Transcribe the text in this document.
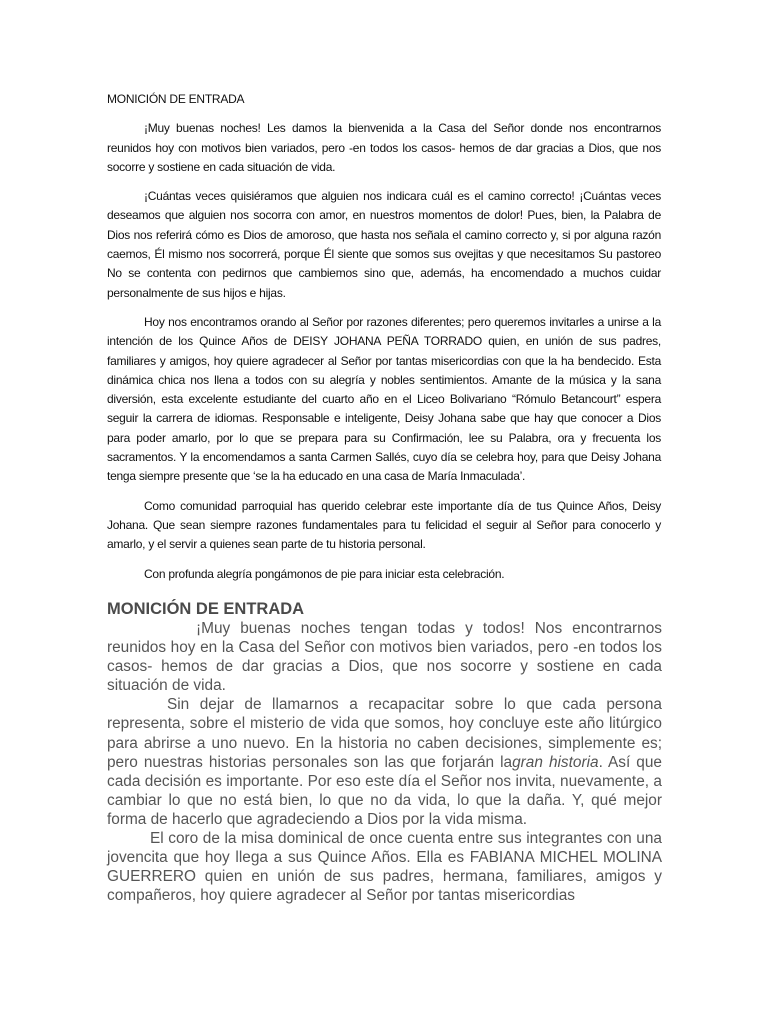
MONICIÓN DE ENTRADA

¡Muy buenas noches! Les damos la bienvenida a la Casa del Señor donde nos encontrarnos reunidos hoy con motivos bien variados, pero -en todos los casos- hemos de dar gracias a Dios, que nos socorre y sostiene en cada situación de vida.

¡Cuántas veces quisiéramos que alguien nos indicara cuál es el camino correcto! ¡Cuántas veces deseamos que alguien nos socorra con amor, en nuestros momentos de dolor! Pues, bien, la Palabra de Dios nos referirá cómo es Dios de amoroso, que hasta nos señala el camino correcto y, si por alguna razón caemos, Él mismo nos socorrerá, porque Él siente que somos sus ovejitas y que necesitamos Su pastoreo No se contenta con pedirnos que cambiemos sino que, además, ha encomendado a muchos cuidar personalmente de sus hijos e hijas.

Hoy nos encontramos orando al Señor por razones diferentes; pero queremos invitarles a unirse a la intención de los Quince Años de DEISY JOHANA PEÑA TORRADO quien, en unión de sus padres, familiares y amigos, hoy quiere agradecer al Señor por tantas misericordias con que la ha bendecido. Esta dinámica chica nos llena a todos con su alegría y nobles sentimientos. Amante de la música y la sana diversión, esta excelente estudiante del cuarto año en el Liceo Bolivariano “Rómulo Betancourt” espera seguir la carrera de idiomas. Responsable e inteligente, Deisy Johana sabe que hay que conocer a Dios para poder amarlo, por lo que se prepara para su Confirmación, lee su Palabra, ora y frecuenta los sacramentos. Y la encomendamos a santa Carmen Sallés, cuyo día se celebra hoy, para que Deisy Johana tenga siempre presente que ‘se la ha educado en una casa de María Inmaculada’.

Como comunidad parroquial has querido celebrar este importante día de tus Quince Años, Deisy Johana. Que sean siempre razones fundamentales para tu felicidad el seguir al Señor para conocerlo y amarlo, y el servir a quienes sean parte de tu historia personal.

Con profunda alegría pongámonos de pie para iniciar esta celebración.

MONICIÓN DE ENTRADA

¡Muy buenas noches tengan todas y todos! Nos encontrarnos reunidos hoy en la Casa del Señor con motivos bien variados, pero -en todos los casos- hemos de dar gracias a Dios, que nos socorre y sostiene en cada situación de vida.

Sin dejar de llamarnos a recapacitar sobre lo que cada persona representa, sobre el misterio de vida que somos, hoy concluye este año litúrgico para abrirse a uno nuevo. En la historia no caben decisiones, simplemente es; pero nuestras historias personales son las que forjarán lagran historia. Así que cada decisión es importante. Por eso este día el Señor nos invita, nuevamente, a cambiar lo que no está bien, lo que no da vida, lo que la daña. Y, qué mejor forma de hacerlo que agradeciendo a Dios por la vida misma.

El coro de la misa dominical de once cuenta entre sus integrantes con una jovencita que hoy llega a sus Quince Años. Ella es FABIANA MICHEL MOLINA GUERRERO quien en unión de sus padres, hermana, familiares, amigos y compañeros, hoy quiere agradecer al Señor por tantas misericordias
